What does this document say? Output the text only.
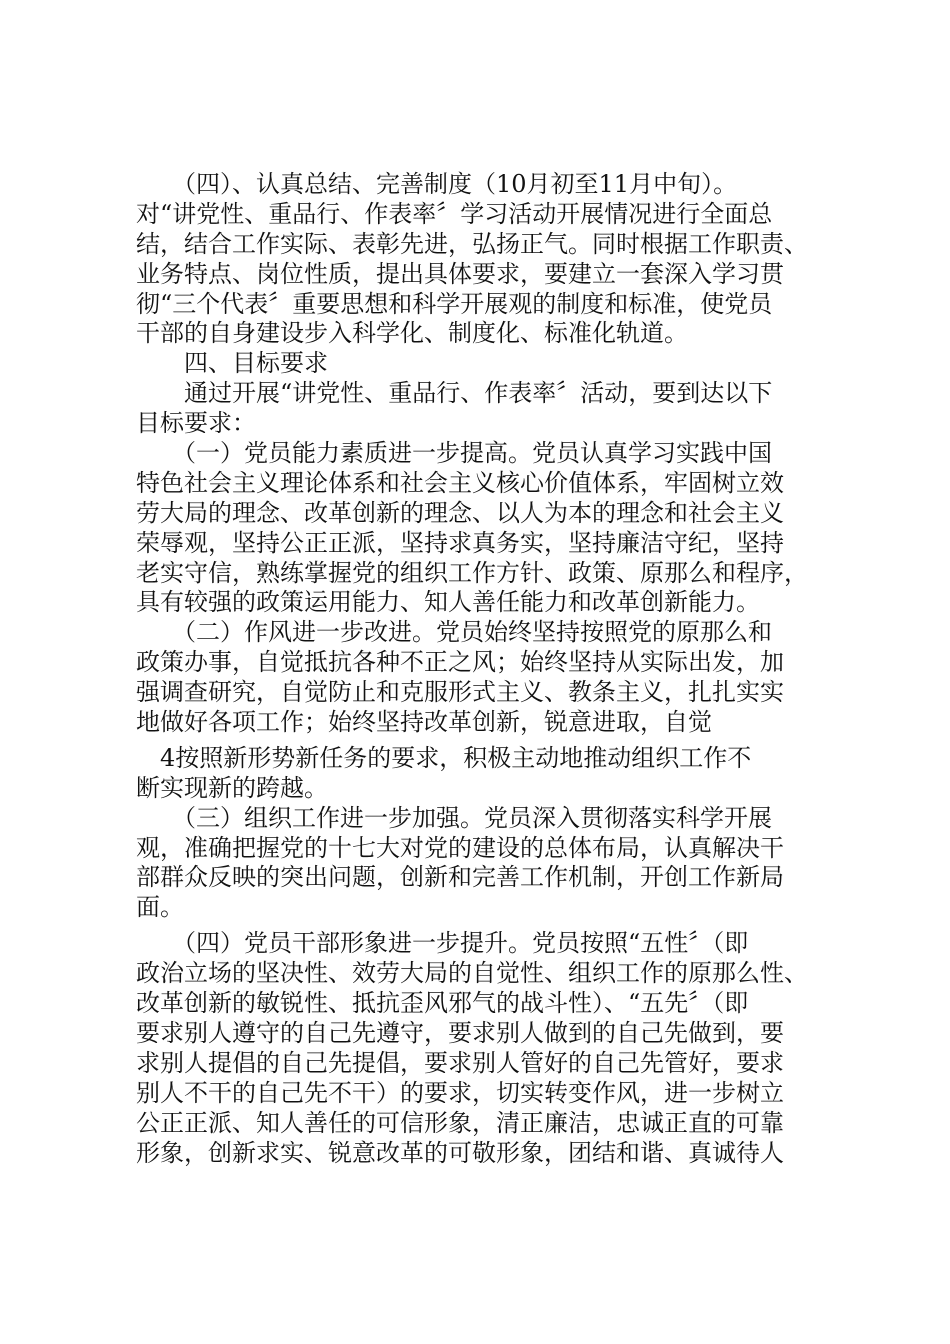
　　（四）、认真总结、完善制度（10月初至11月中旬）。
对“讲党性、重品行、作表率〞学习活动开展情况进行全面总
结，结合工作实际、表彰先进，弘扬正气。同时根据工作职责、
业务特点、岗位性质，提出具体要求，要建立一套深入学习贯
彻“三个代表〞重要思想和科学开展观的制度和标准，使党员
干部的自身建设步入科学化、制度化、标准化轨道。
　　四、目标要求
　　通过开展“讲党性、重品行、作表率〞活动，要到达以下
目标要求：
　　（一）党员能力素质进一步提高。党员认真学习实践中国
特色社会主义理论体系和社会主义核心价值体系，牢固树立效
劳大局的理念、改革创新的理念、以人为本的理念和社会主义
荣辱观，坚持公正正派，坚持求真务实，坚持廉洁守纪，坚持
老实守信，熟练掌握党的组织工作方针、政策、原那么和程序，
具有较强的政策运用能力、知人善任能力和改革创新能力。
　　（二）作风进一步改进。党员始终坚持按照党的原那么和
政策办事，自觉抵抗各种不正之风；始终坚持从实际出发，加
强调查研究，自觉防止和克服形式主义、教条主义，扎扎实实
地做好各项工作；始终坚持改革创新，锐意进取，自觉
　4按照新形势新任务的要求，积极主动地推动组织工作不
断实现新的跨越。
　　（三）组织工作进一步加强。党员深入贯彻落实科学开展
观，准确把握党的十七大对党的建设的总体布局，认真解决干
部群众反映的突出问题，创新和完善工作机制，开创工作新局
面。
　　（四）党员干部形象进一步提升。党员按照“五性〞（即
政治立场的坚决性、效劳大局的自觉性、组织工作的原那么性、
改革创新的敏锐性、抵抗歪风邪气的战斗性）、“五先〞（即
要求别人遵守的自己先遵守，要求别人做到的自己先做到，要
求别人提倡的自己先提倡，要求别人管好的自己先管好，要求
别人不干的自己先不干）的要求，切实转变作风，进一步树立
公正正派、知人善任的可信形象，清正廉洁，忠诚正直的可靠
形象，创新求实、锐意改革的可敬形象，团结和谐、真诚待人
